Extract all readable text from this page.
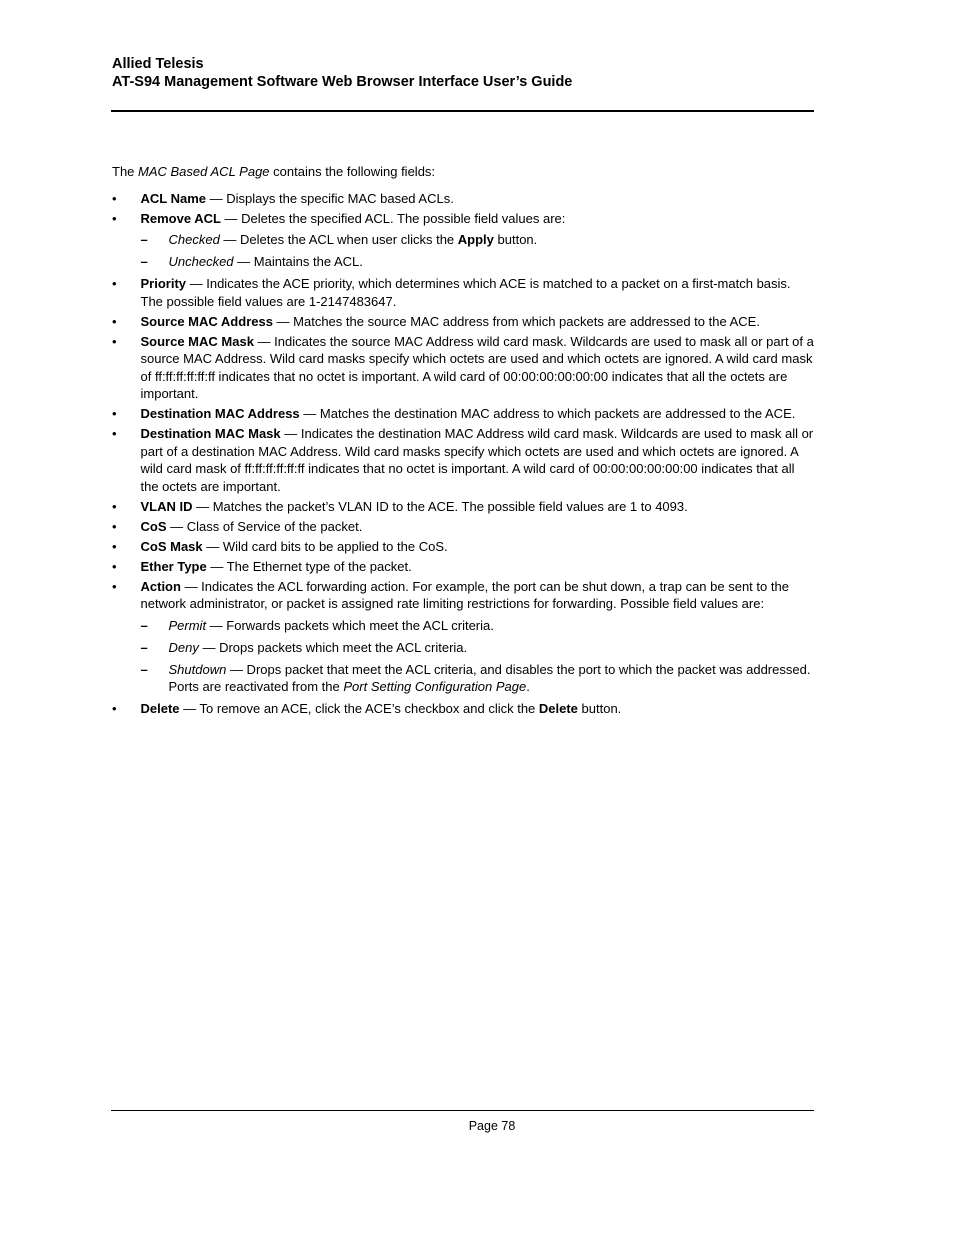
Allied Telesis
AT-S94 Management Software Web Browser Interface User’s Guide

The MAC Based ACL Page contains the following fields:

• ACL Name — Displays the specific MAC based ACLs.
• Remove ACL — Deletes the specified ACL. The possible field values are:
– Checked — Deletes the ACL when user clicks the Apply button.
– Unchecked — Maintains the ACL.
• Priority — Indicates the ACE priority, which determines which ACE is matched to a packet on a first-match basis. The possible field values are 1-2147483647.
• Source MAC Address — Matches the source MAC address from which packets are addressed to the ACE.
• Source MAC Mask — Indicates the source MAC Address wild card mask. Wildcards are used to mask all or part of a source MAC Address. Wild card masks specify which octets are used and which octets are ignored. A wild card mask of ff:ff:ff:ff:ff:ff indicates that no octet is important. A wild card of 00:00:00:00:00:00 indicates that all the octets are important.
• Destination MAC Address — Matches the destination MAC address to which packets are addressed to the ACE.
• Destination MAC Mask — Indicates the destination MAC Address wild card mask. Wildcards are used to mask all or part of a destination MAC Address. Wild card masks specify which octets are used and which octets are ignored. A wild card mask of ff:ff:ff:ff:ff:ff indicates that no octet is important. A wild card of 00:00:00:00:00:00 indicates that all the octets are important.
• VLAN ID — Matches the packet’s VLAN ID to the ACE. The possible field values are 1 to 4093.
• CoS — Class of Service of the packet.
• CoS Mask — Wild card bits to be applied to the CoS.
• Ether Type — The Ethernet type of the packet.
• Action — Indicates the ACL forwarding action. For example, the port can be shut down, a trap can be sent to the network administrator, or packet is assigned rate limiting restrictions for forwarding. Possible field values are:
– Permit — Forwards packets which meet the ACL criteria.
– Deny — Drops packets which meet the ACL criteria.
– Shutdown — Drops packet that meet the ACL criteria, and disables the port to which the packet was addressed. Ports are reactivated from the Port Setting Configuration Page.
• Delete — To remove an ACE, click the ACE’s checkbox and click the Delete button.
Page 78
